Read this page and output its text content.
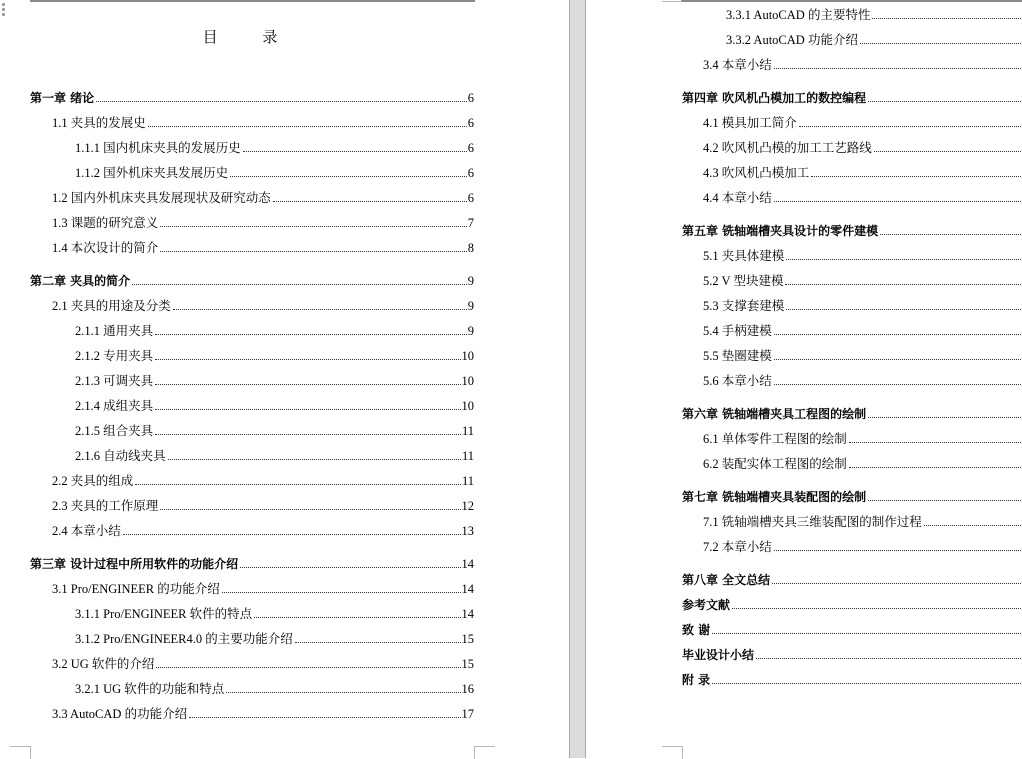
目 录
第一章 绪论	6
1.1 夹具的发展史	6
1.1.1 国内机床夹具的发展历史	6
1.1.2 国外机床夹具发展历史	6
1.2 国内外机床夹具发展现状及研究动态	6
1.3 课题的研究意义	7
1.4 本次设计的简介	8
第二章 夹具的简介	9
2.1 夹具的用途及分类	9
2.1.1 通用夹具	9
2.1.2 专用夹具	10
2.1.3 可调夹具	10
2.1.4 成组夹具	10
2.1.5 组合夹具	11
2.1.6 自动线夹具	11
2.2 夹具的组成	11
2.3 夹具的工作原理	12
2.4 本章小结	13
第三章 设计过程中所用软件的功能介绍	14
3.1 Pro/ENGINEER 的功能介绍	14
3.1.1 Pro/ENGINEER 软件的特点	14
3.1.2 Pro/ENGINEER4.0 的主要功能介绍	15
3.2 UG 软件的介绍	15
3.2.1 UG 软件的功能和特点	16
3.3 AutoCAD 的功能介绍	17
3.3.1 AutoCAD 的主要特性
3.3.2 AutoCAD 功能介绍
3.4 本章小结
第四章 吹风机凸模加工的数控编程
4.1 模具加工简介
4.2 吹风机凸模的加工工艺路线
4.3 吹风机凸模加工
4.4 本章小结
第五章 铣轴端槽夹具设计的零件建模
5.1 夹具体建模
5.2 V 型块建模
5.3 支撑套建模
5.4 手柄建模
5.5 垫圈建模
5.6 本章小结
第六章 铣轴端槽夹具工程图的绘制
6.1 单体零件工程图的绘制
6.2 装配实体工程图的绘制
第七章 铣轴端槽夹具装配图的绘制
7.1 铣轴端槽夹具三维装配图的制作过程
7.2 本章小结
第八章 全文总结
参考文献
致 谢
毕业设计小结
附 录
